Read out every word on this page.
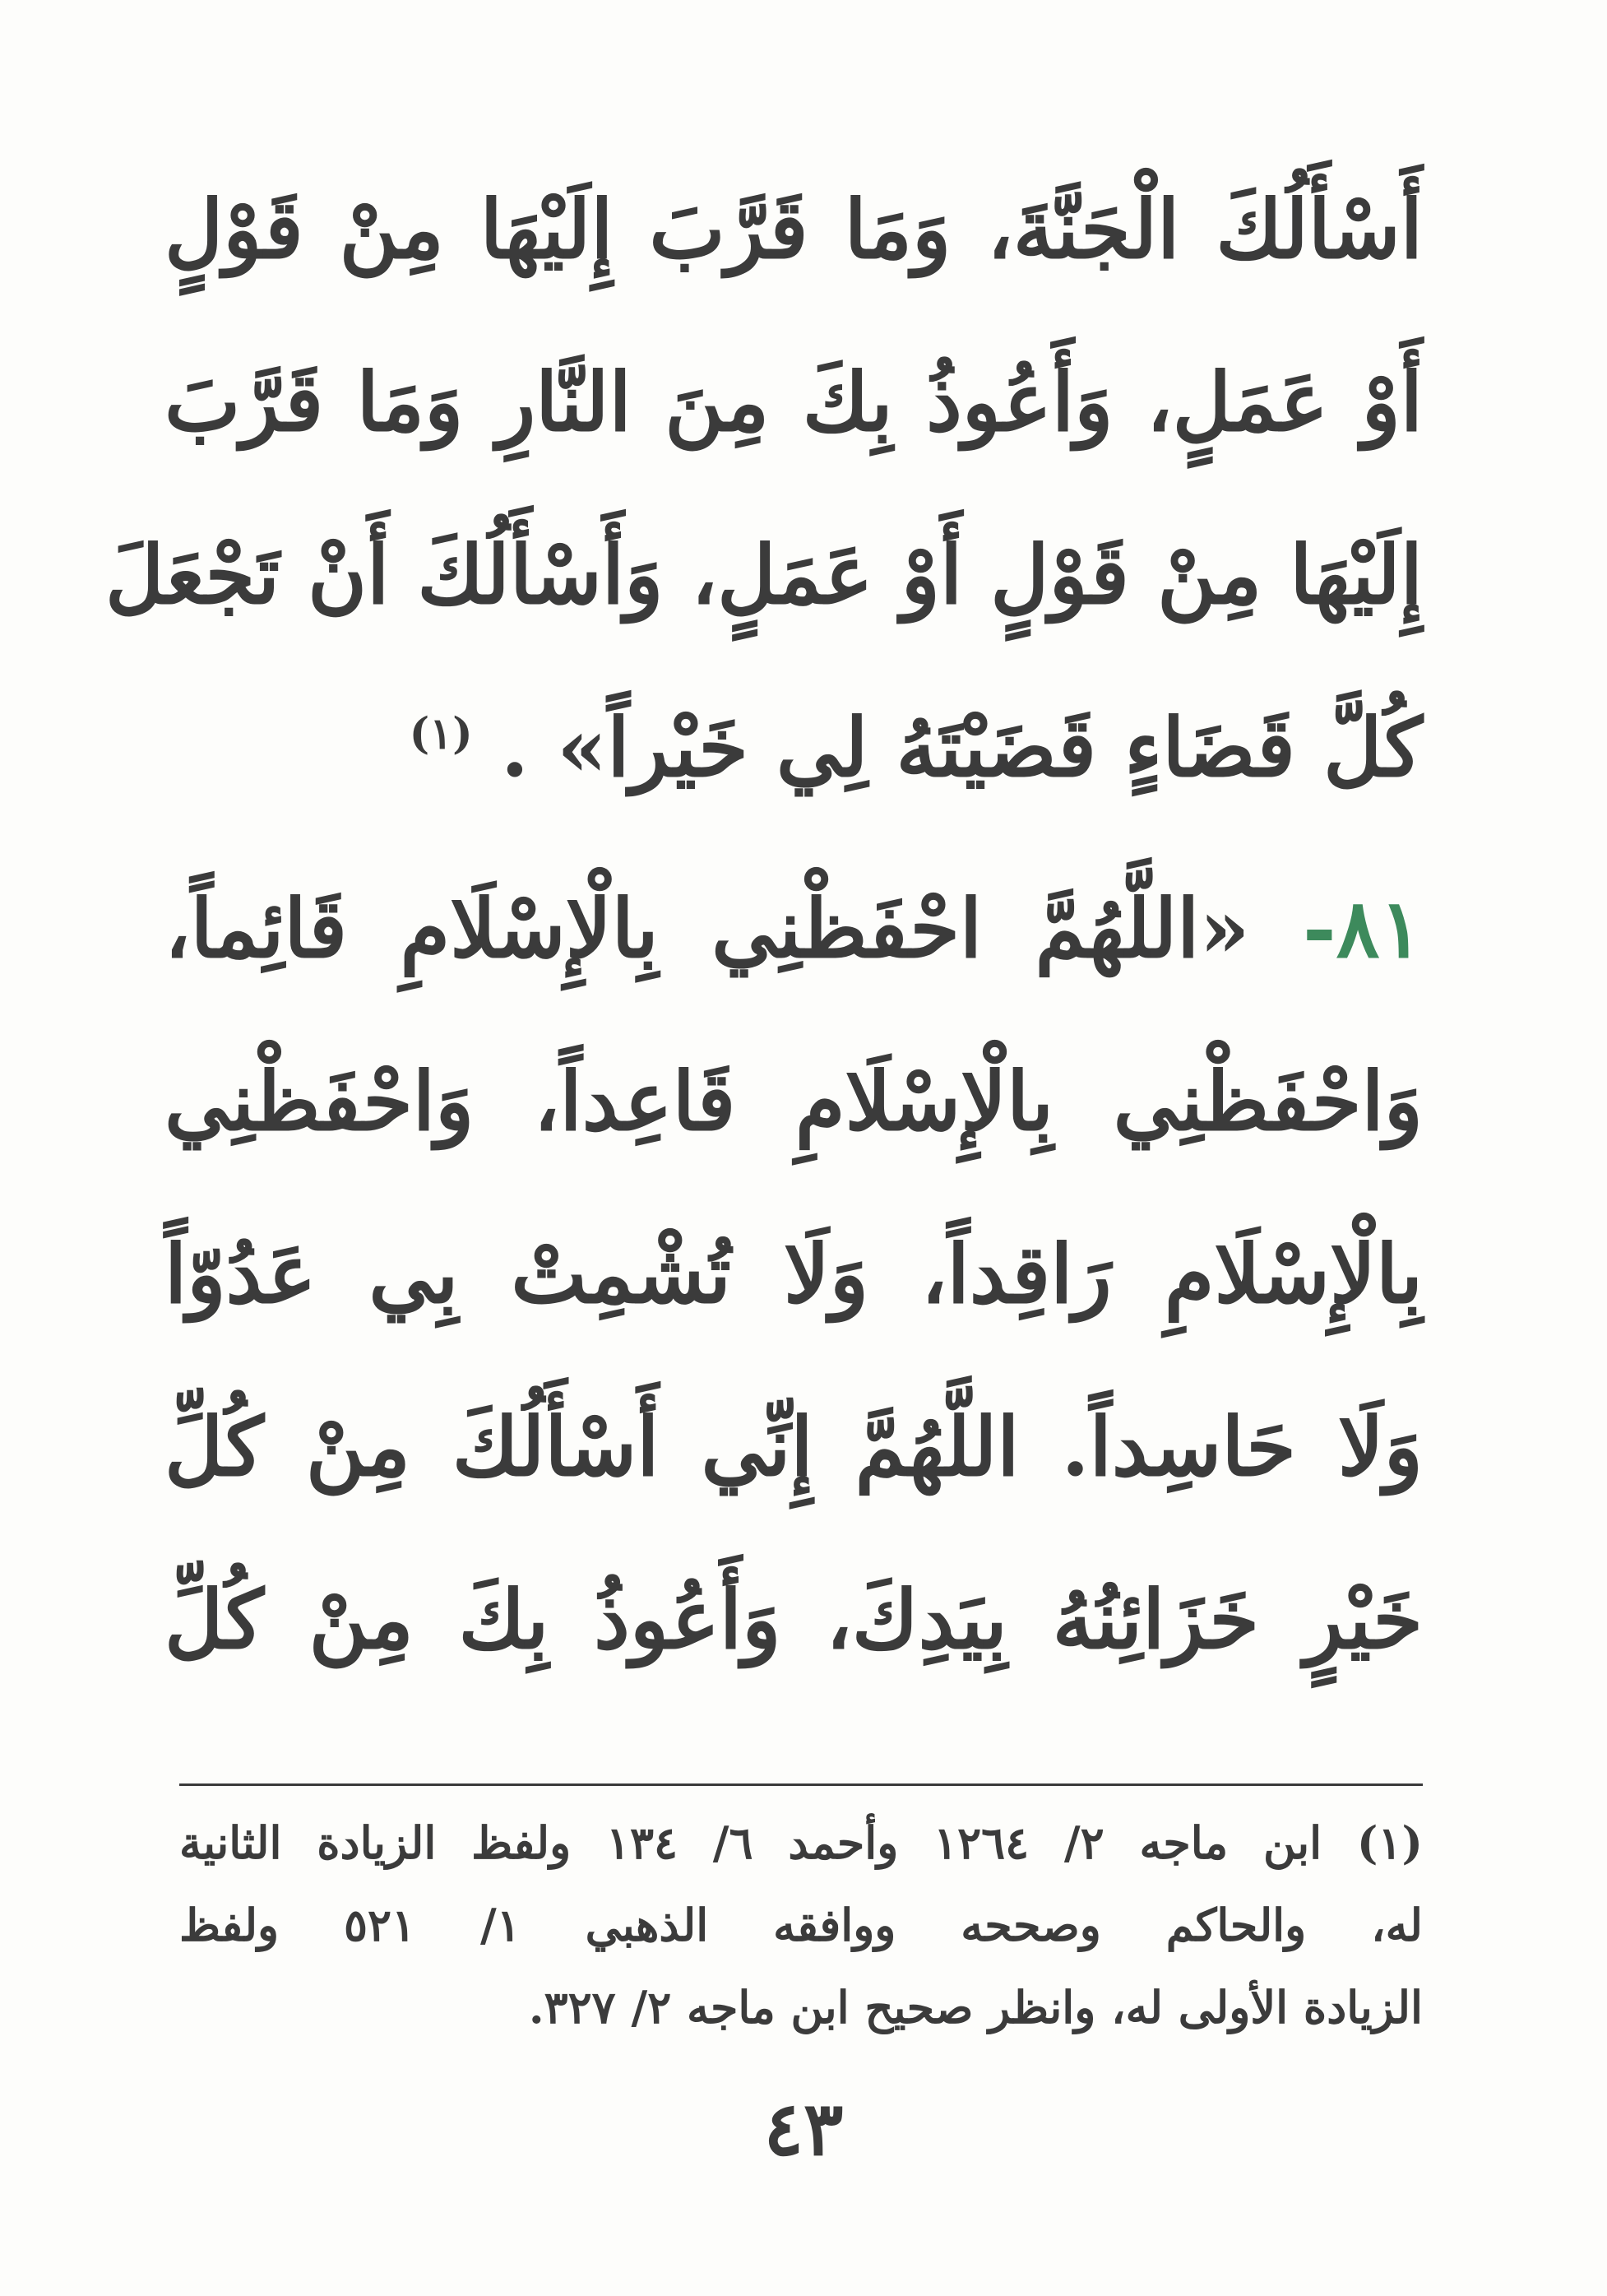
أَسْأَلُكَ الْجَنَّةَ، وَمَا قَرَّبَ إِلَيْهَا مِنْ قَوْلٍ
أَوْ عَمَلٍ، وَأَعُوذُ بِكَ مِنَ النَّارِ وَمَا قَرَّبَ
إِلَيْهَا مِنْ قَوْلٍ أَوْ عَمَلٍ، وَأَسْأَلُكَ أَنْ تَجْعَلَ
كُلَّ قَضَاءٍ قَضَيْتَهُ لِي خَيْراً» . $^{(١)}$
٨١- «اللَّهُمَّ احْفَظْنِي بِالْإِسْلَامِ قَائِماً،
وَاحْفَظْنِي بِالْإِسْلَامِ قَاعِداً، وَاحْفَظْنِي
بِالْإِسْلَامِ رَاقِداً، وَلَا تُشْمِتْ بِي عَدُوّاً
وَلَا حَاسِداً. اللَّهُمَّ إِنِّي أَسْأَلُكَ مِنْ كُلِّ
خَيْرٍ خَزَائِنُهُ بِيَدِكَ، وَأَعُوذُ بِكَ مِنْ كُلِّ
(١) ابن ماجه ٢/ ١٢٦٤ وأحمد ٦/ ١٣٤ ولفظ الزيادة الثانية
له، والحاكم وصححه ووافقه الذهبي ١/ ٥٢١ ولفظ
الزيادة الأولى له، وانظر صحيح ابن ماجه ٢/ ٣٢٧.
٤٣
